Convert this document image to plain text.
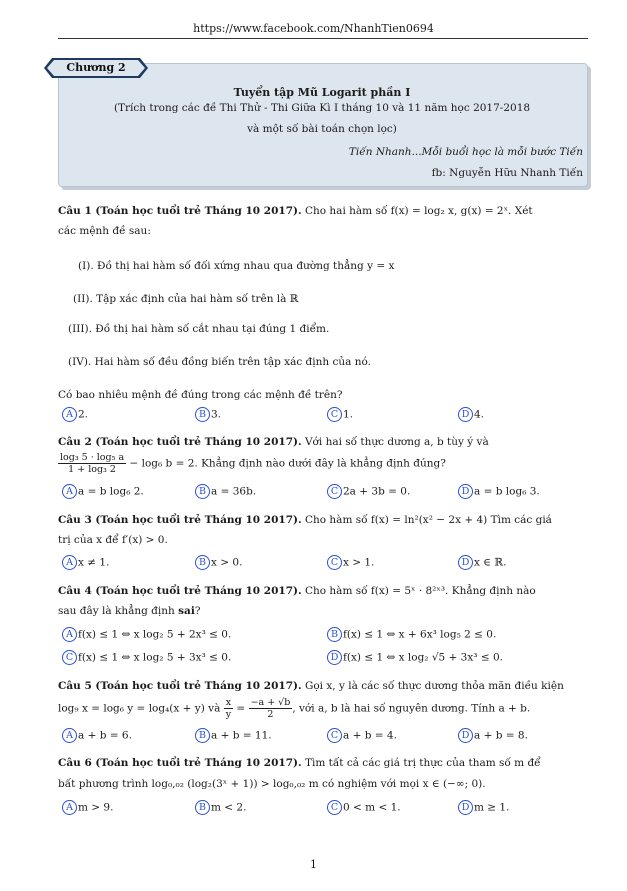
https://www.facebook.com/NhanhTien0694
Chương 2
Tuyển tập Mũ Logarit phần I
(Trích trong các đề Thi Thử - Thi Giữa Kì I tháng 10 và 11 năm học 2017-2018
và một số bài toán chọn lọc)
Tiến Nhanh...Mỗi buổi học là mỗi bước Tiến
fb: Nguyễn Hữu Nhanh Tiến
Câu 1 (Toán học tuổi trẻ Tháng 10 2017). Cho hai hàm số f(x) = log₂ x, g(x) = 2ˣ. Xét
các mệnh đề sau:
(I). Đồ thị hai hàm số đối xứng nhau qua đường thẳng y = x
(II). Tập xác định của hai hàm số trên là ℝ
(III). Đồ thị hai hàm số cắt nhau tại đúng 1 điểm.
(IV). Hai hàm số đều đồng biến trên tập xác định của nó.
Có bao nhiêu mệnh đề đúng trong các mệnh đề trên?
A 2.	B 3.	C 1.	D 4.
Câu 2 (Toán học tuổi trẻ Tháng 10 2017). Với hai số thực dương a, b tùy ý và
$\frac{\text{log₃ 5 · log₅ a}}{\text{1 + log₃ 2}} - \log_6$ b = 2. Khẳng định nào dưới đây là khẳng định đúng?
A a = b log₆ 2.	B a = 36b.	C 2a + 3b = 0.	D a = b log₆ 3.
Câu 3 (Toán học tuổi trẻ Tháng 10 2017). Cho hàm số f(x) = ln²(x² − 2x + 4) Tìm các giá
trị của x để f′(x) > 0.
A x ≠ 1.	B x > 0.	C x > 1.	D x ∈ ℝ.
Câu 4 (Toán học tuổi trẻ Tháng 10 2017). Cho hàm số f(x) = 5ˣ · 8²ˣ³. Khẳng định nào
sau đây là khẳng định sai?
A f(x) ≤ 1 ⇔ x log₂ 5 + 2x³ ≤ 0.	B f(x) ≤ 1 ⇔ x + 6x³ log₅ 2 ≤ 0.
C f(x) ≤ 1 ⇔ x log₂ 5 + 3x³ ≤ 0.	D f(x) ≤ 1 ⇔ x log₂ √5 + 3x³ ≤ 0.
Câu 5 (Toán học tuổi trẻ Tháng 10 2017). Gọi x, y là các số thực dương thỏa mãn điều kiện
log₉ x = log₆ y = log₄(x + y) và $\frac{x}{y} = \frac{-a + √b}{2}$ , với a, b là hai số nguyên dương. Tính a + b.
A a + b = 6.	B a + b = 11.	C a + b = 4.	D a + b = 8.
Câu 6 (Toán học tuổi trẻ Tháng 10 2017). Tìm tất cả các giá trị thực của tham số m để
bất phương trình log₀,₀₂ (log₂(3ˣ + 1)) > log₀,₀₂ m có nghiệm với mọi x ∈ (−∞; 0).
A m > 9.	B m < 2.	C 0 < m < 1.	D m ≥ 1.
1
